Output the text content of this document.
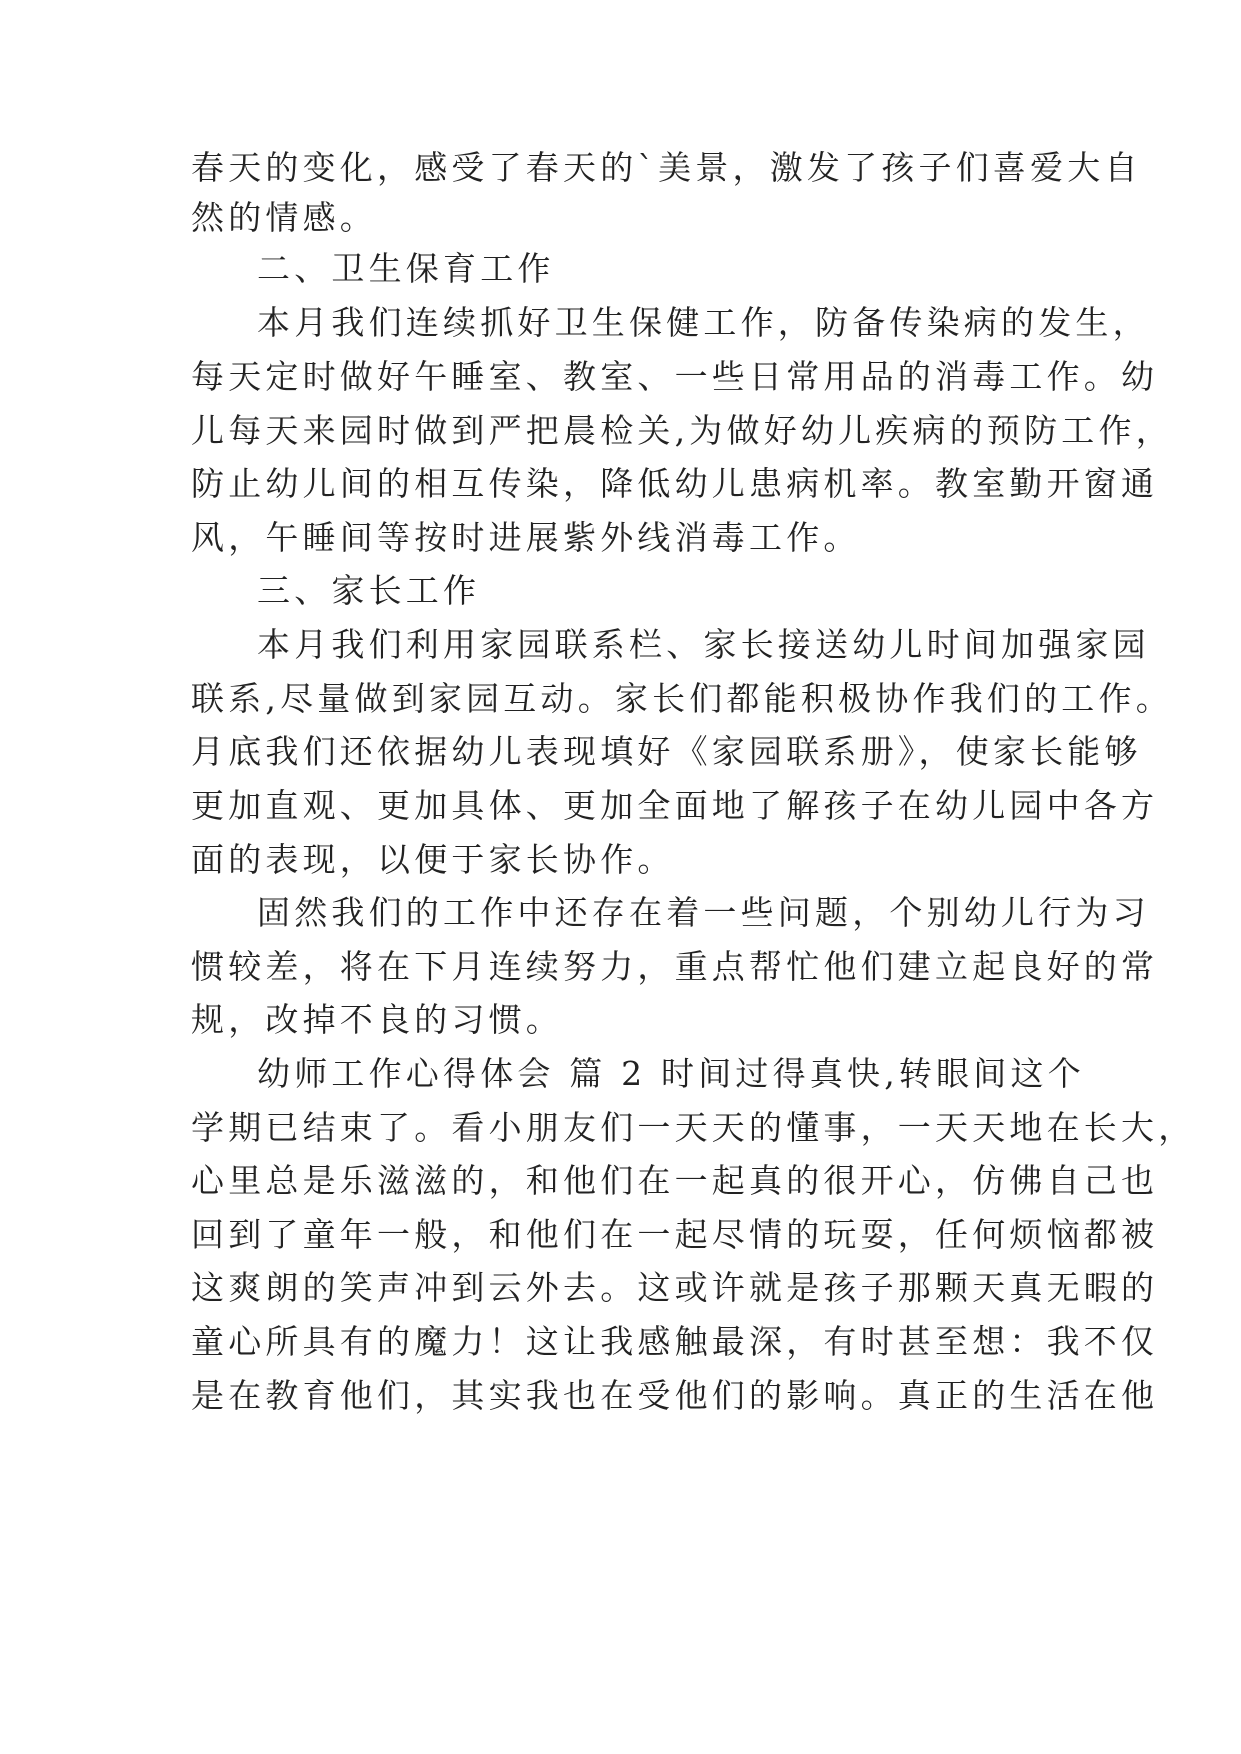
春天的变化，感受了春天的`美景，激发了孩子们喜爱大自
然的情感。
二、卫生保育工作
本月我们连续抓好卫生保健工作，防备传染病的发生，
每天定时做好午睡室、教室、一些日常用品的消毒工作。幼
儿每天来园时做到严把晨检关,为做好幼儿疾病的预防工作，
防止幼儿间的相互传染，降低幼儿患病机率。教室勤开窗通
风，午睡间等按时进展紫外线消毒工作。
三、家长工作
本月我们利用家园联系栏、家长接送幼儿时间加强家园
联系,尽量做到家园互动。家长们都能积极协作我们的工作。
月底我们还依据幼儿表现填好《家园联系册》，使家长能够
更加直观、更加具体、更加全面地了解孩子在幼儿园中各方
面的表现，以便于家长协作。
固然我们的工作中还存在着一些问题，个别幼儿行为习
惯较差，将在下月连续努力，重点帮忙他们建立起良好的常
规，改掉不良的习惯。
幼师工作心得体会 篇 2 时间过得真快,转眼间这个
学期已结束了。看小朋友们一天天的懂事，一天天地在长大，
心里总是乐滋滋的，和他们在一起真的很开心，仿佛自己也
回到了童年一般，和他们在一起尽情的玩耍，任何烦恼都被
这爽朗的笑声冲到云外去。这或许就是孩子那颗天真无暇的
童心所具有的魔力！这让我感触最深，有时甚至想：我不仅
是在教育他们，其实我也在受他们的影响。真正的生活在他
